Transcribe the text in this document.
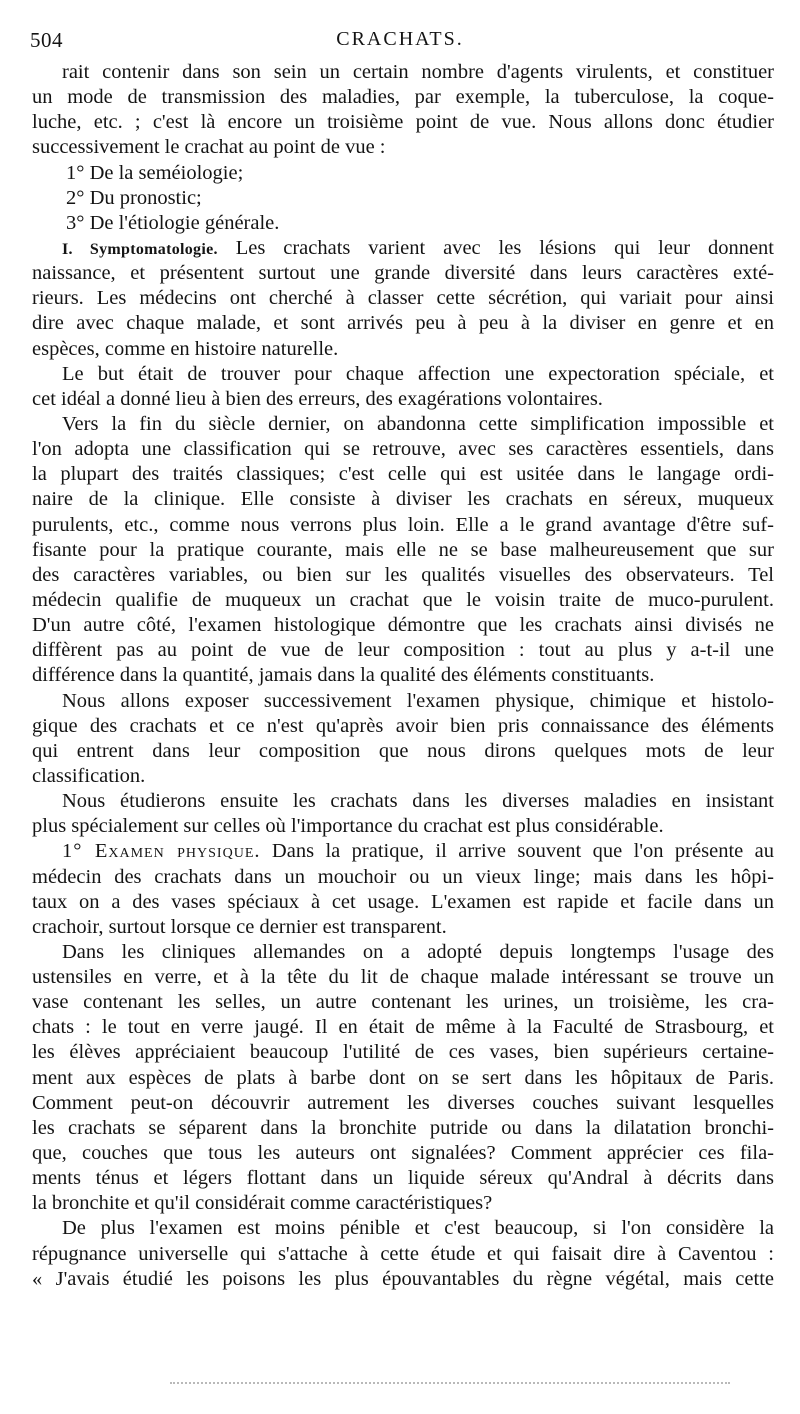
504	CRACHATS.
rait contenir dans son sein un certain nombre d'agents virulents, et constituer
un mode de transmission des maladies, par exemple, la tuberculose, la coque-
luche, etc. ; c'est là encore un troisième point de vue. Nous allons donc étudier
successivement le crachat au point de vue :
1° De la seméiologie;
2° Du pronostic;
3° De l'étiologie générale.
I. Symptomatologie. Les crachats varient avec les lésions qui leur donnent
naissance, et présentent surtout une grande diversité dans leurs caractères exté-
rieurs. Les médecins ont cherché à classer cette sécrétion, qui variait pour ainsi
dire avec chaque malade, et sont arrivés peu à peu à la diviser en genre et en
espèces, comme en histoire naturelle.
Le but était de trouver pour chaque affection une expectoration spéciale, et
cet idéal a donné lieu à bien des erreurs, des exagérations volontaires.
Vers la fin du siècle dernier, on abandonna cette simplification impossible et
l'on adopta une classification qui se retrouve, avec ses caractères essentiels, dans
la plupart des traités classiques; c'est celle qui est usitée dans le langage ordi-
naire de la clinique. Elle consiste à diviser les crachats en séreux, muqueux
purulents, etc., comme nous verrons plus loin. Elle a le grand avantage d'être suf-
fisante pour la pratique courante, mais elle ne se base malheureusement que sur
des caractères variables, ou bien sur les qualités visuelles des observateurs. Tel
médecin qualifie de muqueux un crachat que le voisin traite de muco-purulent.
D'un autre côté, l'examen histologique démontre que les crachats ainsi divisés ne
diffèrent pas au point de vue de leur composition : tout au plus y a-t-il une
différence dans la quantité, jamais dans la qualité des éléments constituants.
Nous allons exposer successivement l'examen physique, chimique et histolo-
gique des crachats et ce n'est qu'après avoir bien pris connaissance des éléments
qui entrent dans leur composition que nous dirons quelques mots de leur
classification.
Nous étudierons ensuite les crachats dans les diverses maladies en insistant
plus spécialement sur celles où l'importance du crachat est plus considérable.
1° Examen physique. Dans la pratique, il arrive souvent que l'on présente au
médecin des crachats dans un mouchoir ou un vieux linge; mais dans les hôpi-
taux on a des vases spéciaux à cet usage. L'examen est rapide et facile dans un
crachoir, surtout lorsque ce dernier est transparent.
Dans les cliniques allemandes on a adopté depuis longtemps l'usage des
ustensiles en verre, et à la tête du lit de chaque malade intéressant se trouve un
vase contenant les selles, un autre contenant les urines, un troisième, les cra-
chats : le tout en verre jaugé. Il en était de même à la Faculté de Strasbourg, et
les élèves appréciaient beaucoup l'utilité de ces vases, bien supérieurs certaine-
ment aux espèces de plats à barbe dont on se sert dans les hôpitaux de Paris.
Comment peut-on découvrir autrement les diverses couches suivant lesquelles
les crachats se séparent dans la bronchite putride ou dans la dilatation bronchi-
que, couches que tous les auteurs ont signalées? Comment apprécier ces fila-
ments ténus et légers flottant dans un liquide séreux qu'Andral à décrits dans
la bronchite et qu'il considérait comme caractéristiques?
De plus l'examen est moins pénible et c'est beaucoup, si l'on considère la
répugnance universelle qui s'attache à cette étude et qui faisait dire à Caventou :
« J'avais étudié les poisons les plus épouvantables du règne végétal, mais cette
